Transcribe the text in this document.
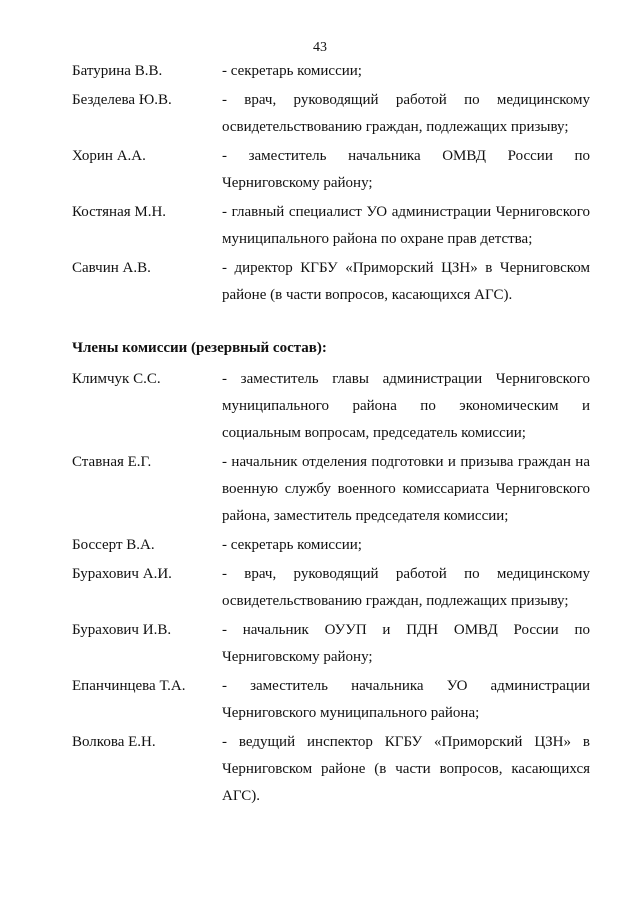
43
Батурина В.В.	- секретарь комиссии;
Безделева Ю.В.	- врач, руководящий работой по медицинскому освидетельствованию граждан, подлежащих призыву;
Хорин А.А.	- заместитель начальника ОМВД России по Черниговскому району;
Костяная М.Н.	- главный специалист УО администрации Черниговского муниципального района по охране прав детства;
Савчин А.В.	- директор КГБУ «Приморский ЦЗН» в Черниговском районе (в части вопросов, касающихся АГС).
Члены комиссии (резервный состав):
Климчук С.С.	- заместитель главы администрации Черниговского муниципального района по экономическим и социальным вопросам, председатель комиссии;
Ставная Е.Г.	- начальник отделения подготовки и призыва граждан на военную службу военного комиссариата Черниговского района, заместитель председателя комиссии;
Боссерт В.А.	- секретарь комиссии;
Бурахович А.И.	- врач, руководящий работой по медицинскому освидетельствованию граждан, подлежащих призыву;
Бурахович И.В.	- начальник ОУУП и ПДН ОМВД России по Черниговскому району;
Епанчинцева Т.А.	- заместитель начальника УО администрации Черниговского муниципального района;
Волкова Е.Н.	- ведущий инспектор КГБУ «Приморский ЦЗН» в Черниговском районе (в части вопросов, касающихся АГС).
